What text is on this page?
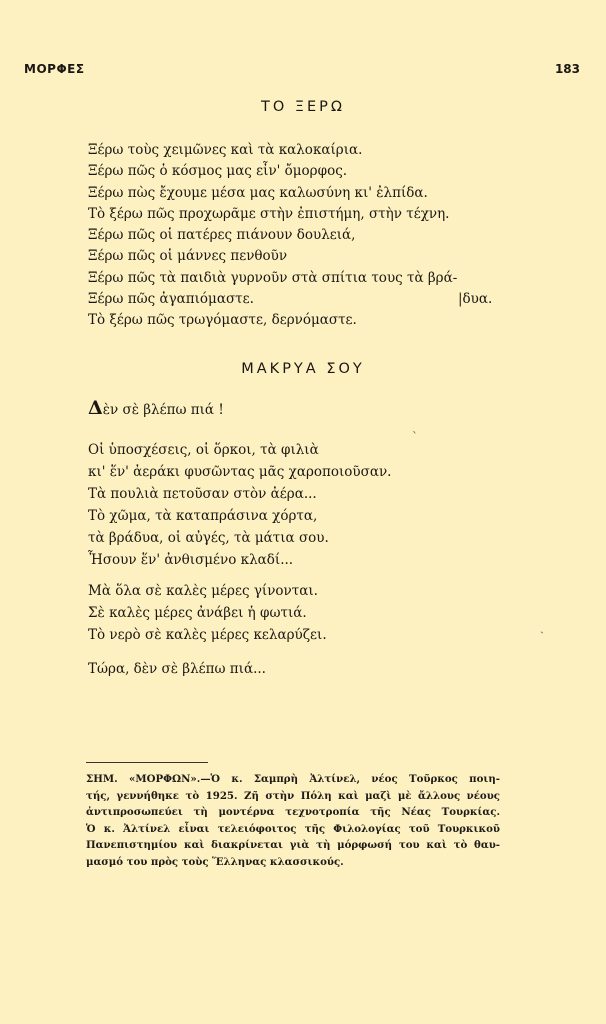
ΜΟΡΦΕΣ	183
ΤΟ ΞΕΡΩ
Ξέρω τοὺς χειμῶνες καὶ τὰ καλοκαίρια.
Ξέρω πῶς ὁ κόσμος μας εἶν' ὄμορφος.
Ξέρω πὼς ἔχουμε μέσα μας καλωσύνη κι' ἐλπίδα.
Τὸ ξέρω πῶς προχωρᾶμε στὴν ἐπιστήμη, στὴν τέχνη.
Ξέρω πῶς οἱ πατέρες πιάνουν δουλειά,
Ξέρω πῶς οἱ μάννες πενθοῦν
Ξέρω πῶς τὰ παιδιὰ γυρνοῦν στὰ σπίτια τους τὰ βρά-
Ξέρω πῶς ἀγαπιόμαστε.	|δυα.
Τὸ ξέρω πῶς τρωγόμαστε, δερνόμαστε.
ΜΑΚΡΥΑ ΣΟΥ
Δὲν σὲ βλέπω πιά !
Οἱ ὑποσχέσεις, οἱ ὅρκοι, τὰ φιλιὰ
κι' ἕν' ἀεράκι φυσῶντας μᾶς χαροποιοῦσαν.
Τὰ πουλιὰ πετοῦσαν στὸν ἀέρα...
Τὸ χῶμα, τὰ καταπράσινα χόρτα,
τὰ βράδυα, οἱ αὐγές, τὰ μάτια σου.
Ἦσουν ἕν' ἀνθισμένο κλαδί...
Μὰ ὅλα σὲ καλὲς μέρες γίνονται.
Σὲ καλὲς μέρες ἀνάβει ἡ φωτιά.
Τὸ νερὸ σὲ καλὲς μέρες κελαρύζει.
Τώρα, δὲν σὲ βλέπω πιά...
ˋ
ˎ
ΣΗΜ. «ΜΟΡΦΩΝ».—Ὁ κ. Σαμπρὴ Ἀλτίνελ, νέος Τοῦρκος ποιη-
τής, γεννήθηκε τὸ 1925. Ζῆ στὴν Πόλη καὶ μαζὶ μὲ ἄλλους νέους
ἀντιπροσωπεύει τὴ μοντέρνα τεχνοτροπία τῆς Νέας Τουρκίας.
Ὁ κ. Ἀλτίνελ εἶναι τελειόφοιτος τῆς Φιλολογίας τοῦ Τουρκικοῦ
Πανεπιστημίου καὶ διακρίνεται γιὰ τὴ μόρφωσή του καὶ τὸ θαυ-
μασμό του πρὸς τοὺς Ἕλληνας κλασσικούς.
